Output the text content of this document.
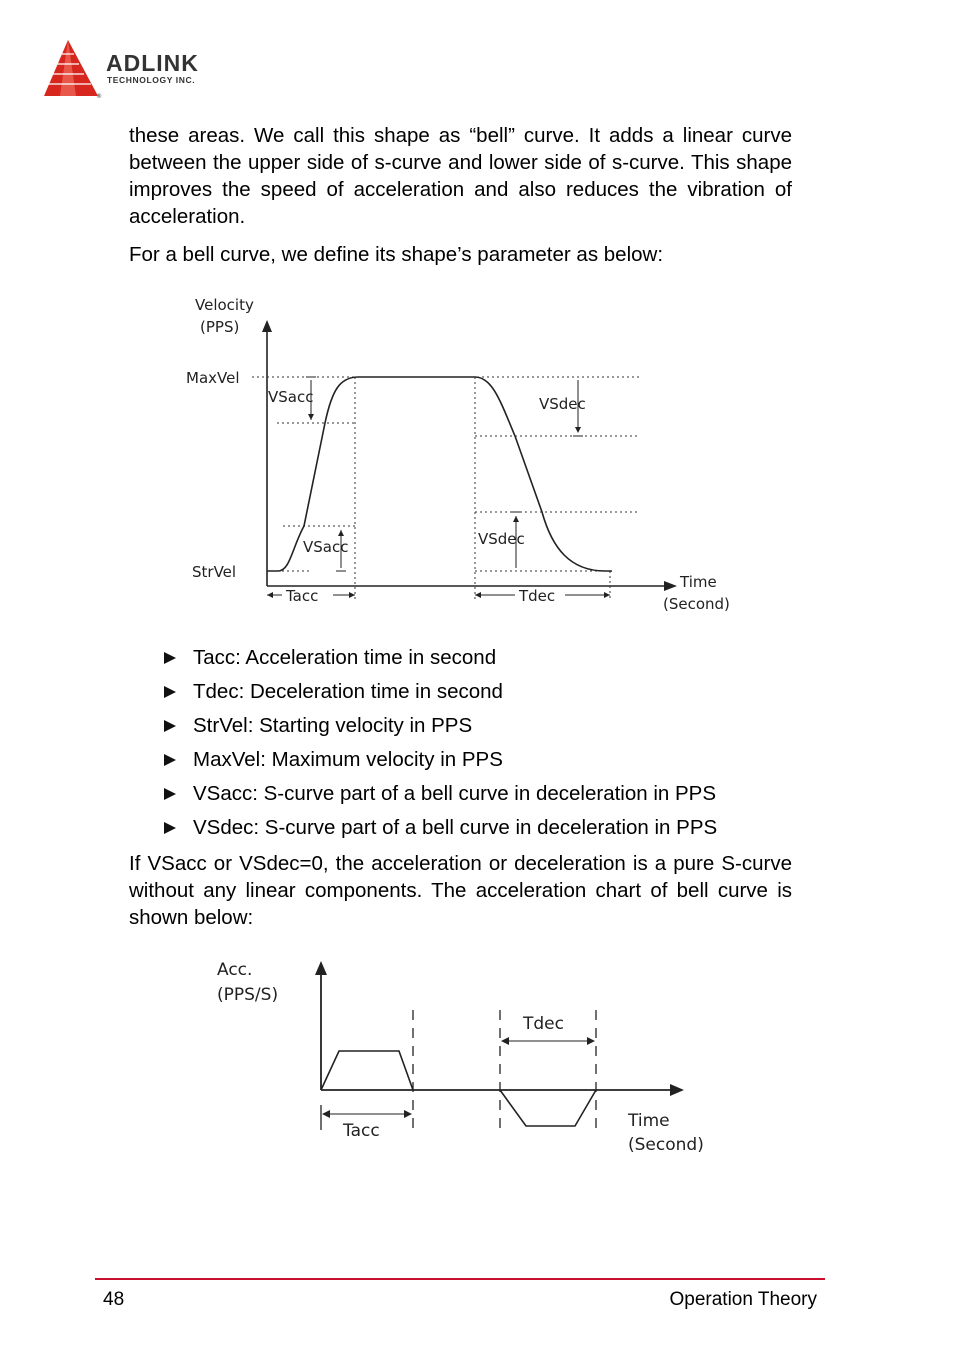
®
ADLINK
TECHNOLOGY INC.

these areas. We call this shape as “bell” curve. It adds a linear curve between the upper side of s-curve and lower side of s-curve. This shape improves the speed of acceleration and also reduces the vibration of acceleration.

For a bell curve, we define its shape’s parameter as below:

Velocity
(PPS)
MaxVel
StrVel
VSacc
VSacc
VSdec
VSdec
Tacc	Tdec
Time
(Second)
Tacc: Acceleration time in second
Tdec: Deceleration time in second
StrVel: Starting velocity in PPS
MaxVel: Maximum velocity in PPS
VSacc: S-curve part of a bell curve in deceleration in PPS
VSdec: S-curve part of a bell curve in deceleration in PPS

If VSacc or VSdec=0, the acceleration or deceleration is a pure S-curve without any linear components. The acceleration chart of bell curve is shown below:

Acc.
(PPS/S)
Tdec
Tacc	Time
(Second)
48	Operation Theory
